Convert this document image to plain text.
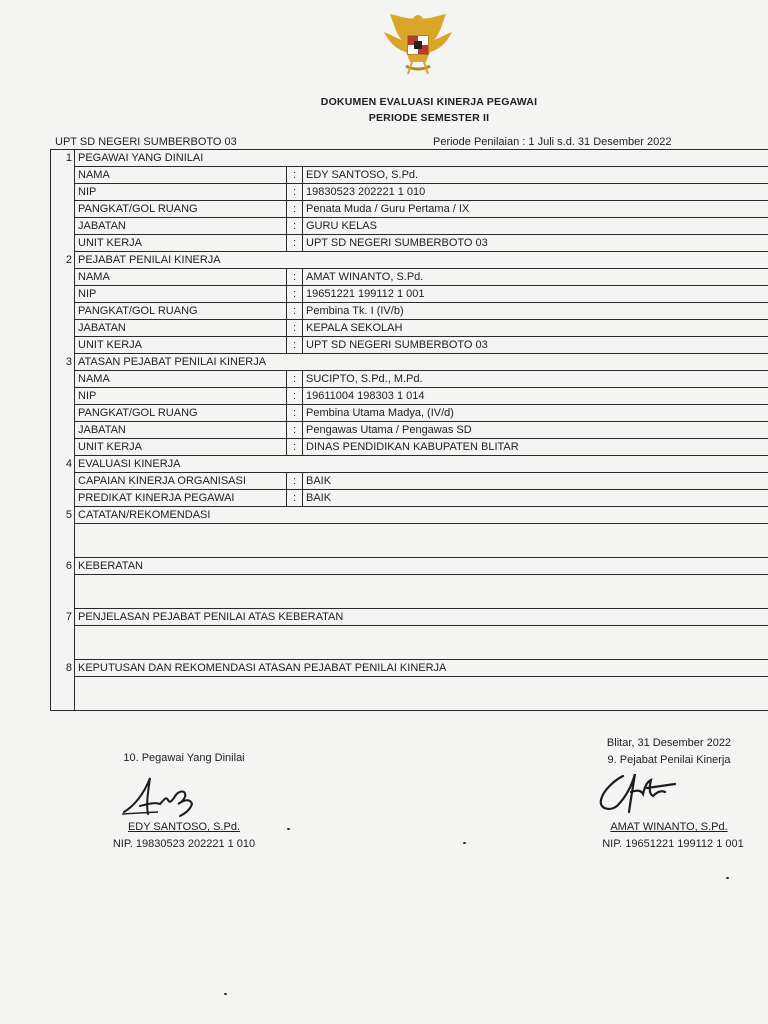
DOKUMEN EVALUASI KINERJA PEGAWAI
PERIODE SEMESTER II
UPT SD NEGERI SUMBERBOTO 03	Periode Penilaian : 1 Juli s.d. 31 Desember 2022
1	PEGAWAI YANG DINILAI		
	NAMA	:	EDY SANTOSO, S.Pd.
	NIP	:	19830523 202221 1 010
	PANGKAT/GOL RUANG	:	Penata Muda / Guru Pertama / IX
	JABATAN	:	GURU KELAS
	UNIT KERJA	:	UPT SD NEGERI SUMBERBOTO 03
2	PEJABAT PENILAI KINERJA		
	NAMA	:	AMAT WINANTO, S.Pd.
	NIP	:	19651221 199112 1 001
	PANGKAT/GOL RUANG	:	Pembina Tk. I (IV/b)
	JABATAN	:	KEPALA SEKOLAH
	UNIT KERJA	:	UPT SD NEGERI SUMBERBOTO 03
3	ATASAN PEJABAT PENILAI KINERJA		
	NAMA	:	SUCIPTO, S.Pd., M.Pd.
	NIP	:	19611004 198303 1 014
	PANGKAT/GOL RUANG	:	Pembina Utama Madya, (IV/d)
	JABATAN	:	Pengawas Utama / Pengawas SD
	UNIT KERJA	:	DINAS PENDIDIKAN KABUPATEN BLITAR
4	EVALUASI KINERJA		
	CAPAIAN KINERJA ORGANISASI	:	BAIK
	PREDIKAT KINERJA PEGAWAI	:	BAIK
5	CATATAN/REKOMENDASI		

6	KEBERATAN		

7	PENJELASAN PEJABAT PENILAI ATAS KEBERATAN		

8	KEPUTUSAN DAN REKOMENDASI ATASAN PEJABAT PENILAI KINERJA		

10. Pegawai Yang Dinilai
EDY SANTOSO, S.Pd.
NIP. 19830523 202221 1 010
Blitar, 31 Desember 2022
9. Pejabat Penilai Kinerja
AMAT WINANTO, S.Pd.
NIP. 19651221 199112 1 001
